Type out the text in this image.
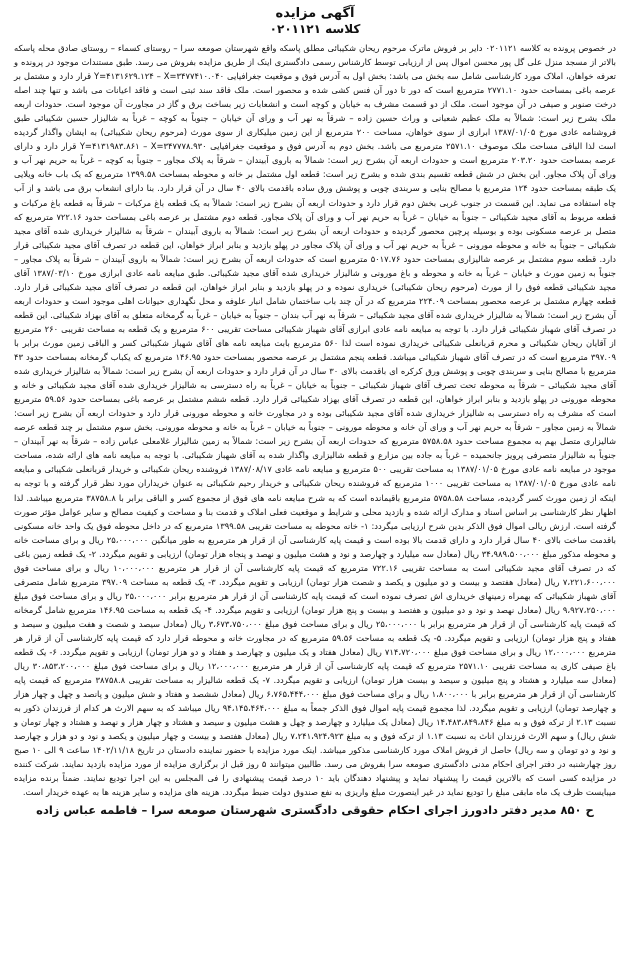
آگهی مزایده
کلاسه ۰۲۰۱۱۲۱

در خصوص پرونده به کلاسه ۰۲۰۱۱۲۱ دایر بر فروش ماترک مرحوم ریحان شکیبائی مطلق پاسکه واقع شهرستان صومعه سرا – روستای کسماء – روستای صادق محله پاسکه بالاتر از مسجد منزل علی گل پور محسن اموال پس از ارزیابی توسط کارشناس رسمی دادگستری اینک از طریق مزایده بفروش می رسد. طبق مستندات موجود در پرونده و تعرفه خواهان، املاک مورد کارشناسی شامل سه بخش می باشد: بخش اول به آدرس فوق و موقعیت جغرافیایی Y=۴۱۳۱۶۲۹.۱۲۴ – X=۳۴۷۷۴۱۰.۰۴۰ قرار دارد و مشتمل بر عرصه باغی بمساحت حدود ۲۷۷۱.۱۰ مترمربع است که دور تا دور آن فنس کشی شده و محصور است. ملک فاقد سند ثبتی است و فاقد اعیانات می باشد و تنها چند اصله درخت صنوبر و صیفی در آن موجود است. ملک از دو قسمت مشرف به خیابان و کوچه است و انشعابات زیر بساخت برق و گاز در مجاورت آن موجود است. حدودات اربعه ملک بشرح زیر است: شمالاً به ملک عظیم شعبانی و وراث حسین زاده – شرقاً به نهر آب و ورای آن خیابان – جنوباً به کوچه – غرباً به شالیزار حسین شکیبائی طبق فروشنامه عادی مورخ ۱۳۸۷/۰۱/۰۵ ابرازی از سوی خواهان، مساحت ۲۰۰ مترمربع از این زمین میلیکاری از سوی مورث (مرحوم ریحان شکیبائی) به ایشان واگذار گردیده است لذا الباقی مساحت ملک موصوف ۲۵۷۱.۱۰ مترمربع می باشد. بخش دوم به آدرس فوق و موقعیت جغرافیایی Y=۴۱۳۱۹۸۳.۸۶۱ – X=۳۴۷۷۷۸.۹۳۰ قرار دارد و دارای عرصه بمساحت حدود ۲۰۳.۲۰ مترمربع است و حدودات اربعه آن بشرح زیر است: شمالاً به باروی آبیندان – شرقاً به پلاک مجاور – جنوباً به کوچه – غرباً به حریم نهر آب و ورای آن پلاک مجاور. این بخش در شش قطعه تقسیم بندی شده و بشرح زیر است: قطعه اول مشتمل بر خانه و محوطه بمساحت ۱۳۹۹.۵۸ مترمربع که یک باب خانه ویلایی یک طبقه بمساحت حدود ۱۲۴ مترمربع با مصالح بنایی و سربندی چوبی و پوشش ورق ساده باقدمت بالای ۴۰ سال در آن قرار دارد. بنا دارای انشعاب برق می باشد و از آب چاه استفاده می نماید. این قسمت در جنوب غربی بخش دوم قرار دارد و حدودات اربعه آن بشرح زیر است: شمالاً به یک قطعه باغ مرکبات – شرقاً به قطعه باغ مرکبات و قطعه مربوط به آقای مجید شکیبائی – جنوباً به خیابان – غرباً به حریم نهر آب و ورای آن پلاک مجاور. قطعه دوم مشتمل بر عرصه باغی بمساحت حدود ۷۲۲.۱۶ مترمربع که متصل بر عرصه مسکونی بوده و بوسیله پرچین محصور گردیده و حدودات اربعه آن بشرح زیر است: شمالاً به باروی آبیندان – شرقاً به شالیزار خریداری شده آقای مجید شکیبائی – جنوباً به خانه و محوطه مورونی – غرباً به حریم نهر آب و ورای آن پلاک مجاور در پهلو بازدید و بنابر ابراز خواهان، این قطعه در تصرف آقای مجید شکیبائی قرار دارد. قطعه سوم مشتمل بر عرصه شالیزاری بمساحت حدود ۵۰۱۷.۷۶ مترمربع است که حدودات اربعه آن بشرح زیر است: شمالاً به باروی آبیندان – شرقاً به پلاک مجاور – جنوباً به زمین مورث و خیابان – غرباً به خانه و محوطه و باغ مورونی و شالیزار خریداری شده آقای مجید شکیبائی. طبق مبایعه نامه عادی ابرازی مورخ ۱۳۸۷/۰۳/۱۰ آقای مجید شکیبائی قطعه فوق را از مورث (مرحوم ریحان شکیبائی) خریداری نموده و در پهلو بازدید و بنابر ابراز خواهان، این قطعه در تصرف آقای مجید شکیبائی قرار دارد. قطعه چهارم مشتمل بر عرصه محصور بمساحت ۲۲۴.۰۹ مترمربع که در آن چند باب ساختمان شامل انبار علوفه و محل نگهداری حیوانات اهلی موجود است و حدودات اربعه آن بشرح زیر است: شمالاً به شالیزار خریداری شده آقای مجید شکیبائی – شرقاً به نهر آب بندان – جنوباً به خیابان – غرباً به گرمخانه متعلق به آقای بهزاد شکیبائی. این قطعه در تصرف آقای شهباز شکیبائی قرار دارد. با توجه به مبایعه نامه عادی ابرازی آقای شهباز شکیبائی مساحت تقریبی ۶۰۰ مترمربع و یک قطعه به مساحت تقریبی ۲۶۰ مترمربع از آقایان ریحان شکیبائی و محرم قربانعلی شکیبائی خریداری نموده است لذا ۵۶۰ مترمربع بابت مبایعه نامه های آقای شهباز شکیبائی کسر و الباقی زمین مورث برابر با ۳۹۷.۰۹ مترمربع است که در تصرف آقای شهباز شکیبائی میباشد. قطعه پنجم مشتمل بر عرصه محصور بمساحت حدود ۱۴۶.۹۵ مترمربع که یکباب گرمخانه بمساحت حدود ۴۳ مترمربع با مصالح بنایی و سربندی چوبی و پوشش ورق کرکره ای باقدمت بالای ۳۰ سال در آن قرار دارد و حدودات اربعه آن بشرح زیر است: شمالاً به شالیزار خریداری شده آقای مجید شکیبائی – شرقاً به محوطه تحت تصرف آقای شهباز شکیبائی – جنوباً به خیابان – غرباً به راه دسترسی به شالیزار خریداری شده آقای مجید شکیبائی و خانه و محوطه مورونی در پهلو بازدید و بنابر ابراز خواهان، این قطعه در تصرف آقای بهزاد شکیبائی قرار دارد. قطعه ششم مشتمل بر عرصه باغی بمساحت حدود ۵۹.۵۶ مترمربع است که مشرف به راه دسترسی به شالیزار خریداری شده آقای مجید شکیبائی بوده و در مجاورت خانه و محوطه مورونی قرار دارد و حدودات اربعه آن بشرح زیر است: شمالاً به زمین مجاور – شرقاً به حریم نهر آب و ورای آن خانه و محوطه مورونی – جنوباً به خیابان – غرباً به خانه و محوطه مورونی. بخش سوم مشتمل بر چند قطعه عرصه شالیزاری متصل بهم به مجموع مساحت حدود ۵۷۵۸.۵۸ مترمربع که حدودات اربعه آن بشرح زیر است: شمالاً به زمین شالیزار غلامعلی عباس زاده – شرقاً به نهر آبیندان – جنوباً به شالیزار متصرفی پرویز جانحمیده – غرباً به جاده بین مزارع و قطعه شالیزاری واگذار شده به آقای شهباز شکیبائی. با توجه به مبایعه نامه های ارائه شده، مساحت موجود در مبایعه نامه عادی مورخ ۱۳۸۷/۰۱/۰۵ به مساحت تقریبی ۵۰۰ مترمربع و مبایعه نامه عادی ۱۳۸۷/۰۸/۱۷ فروشنده ریحان شکیبائی و خریدار قربانعلی شکیبائی و مبایعه نامه عادی مورخ ۱۳۸۷/۰۱/۰۵ به مساحت تقریبی ۱۰۰۰ مترمربع که فروشنده ریحان شکیبائی و خریدار رحیم شکیبائی به عنوان خریداران مورد نظر قرار گرفته و با توجه به اینکه از زمین مورث کسر گردیده، مساحت ۵۷۵۸.۵۸ مترمربع باقیمانده است که به شرح مبایعه نامه های فوق از مجموع کسر و الباقی برابر با ۳۸۷۵۸.۸ مترمربع میباشد. لذا اظهار نظر کارشناسی بر اساس اسناد و مدارک ارائه شده و بازدید محلی و شرایط و موقعیت فعلی املاک و قدمت بنا و مساحت و کیفیت مصالح و سایر عوامل مؤثر صورت گرفته است. ارزش ریالی اموال فوق الذکر بدین شرح ارزیابی میگردد: ۱- خانه محوطه به مساحت تقریبی ۱۳۹۹.۵۸ مترمربع که در داخل محوطه فوق یک واحد خانه مسکونی باقدمت ساخت بالای ۴۰ سال قرار دارد و دارای قدمت بالا بوده است و قیمت پایه کارشناسی آن از قرار هر مترمربع به طور میانگین ۲۵،۰۰۰،۰۰۰ ریال و برای مساحت خانه و محوطه مذکور مبلغ ۳۴،۹۸۹،۵۰۰،۰۰۰ ریال (معادل سه میلیارد و چهارصد و نود و هشت میلیون و نهصد و پنجاه هزار تومان) ارزیابی و تقویم میگردد. ۲- یک قطعه زمین باغی که در تصرف آقای مجید شکیبائی است به مساحت تقریبی ۷۲۲.۱۶ مترمربع که قیمت پایه کارشناسی آن از قرار هر مترمربع ۱۰،۰۰۰،۰۰۰ ریال و برای مساحت فوق ۷،۲۲۱،۶۰۰،۰۰۰ ریال (معادل هفتصد و بیست و دو میلیون و یکصد و شصت هزار تومان) ارزیابی و تقویم میگردد. ۳- یک قطعه به مساحت ۳۹۷.۰۹ مترمربع شامل متصرفی آقای شهباز شکیبائی که بهمراه زمینهای خریداری اش تصرف نموده است که قیمت پایه کارشناسی آن از قرار هر مترمربع برابر ۲۵،۰۰۰،۰۰۰ ریال و برای مساحت فوق مبلغ ۹،۹۲۷،۲۵۰،۰۰۰ ریال (معادل نهصد و نود و دو میلیون و هفتصد و بیست و پنج هزار تومان) ارزیابی و تقویم میگردد. ۴- یک قطعه به مساحت ۱۴۶.۹۵ مترمربع شامل گرمخانه که قیمت پایه کارشناسی آن از قرار هر مترمربع برابر با ۲۵،۰۰۰،۰۰۰ ریال و برای مساحت فوق مبلغ ۳،۶۷۳،۷۵۰،۰۰۰ ریال (معادل سیصد و شصت و هفت میلیون و سیصد و هفتاد و پنج هزار تومان) ارزیابی و تقویم میگردد. ۵- یک قطعه به مساحت ۵۹.۵۶ مترمربع که در مجاورت خانه و محوطه قرار دارد که قیمت پایه کارشناسی آن از قرار هر مترمربع ۱۲،۰۰۰،۰۰۰ ریال و برای مساحت فوق مبلغ ۷۱۴،۷۲۰،۰۰۰ ریال (معادل هفتاد و یک میلیون و چهارصد و هفتاد و دو هزار تومان) ارزیابی و تقویم میگردد. ۶- یک قطعه باغ صیفی کاری به مساحت تقریبی ۲۵۷۱.۱۰ مترمربع که قیمت پایه کارشناسی آن از قرار هر مترمربع ۱۲،۰۰۰،۰۰۰ ریال و برای مساحت فوق مبلغ ۳۰،۸۵۳،۲۰۰،۰۰۰ ریال (معادل سه میلیارد و هشتاد و پنج میلیون و سیصد و بیست هزار تومان) ارزیابی و تقویم میگردد. ۷- یک قطعه شالیزار به مساحت تقریبی ۳۸۷۵۸.۸ مترمربع که قیمت پایه کارشناسی آن از قرار هر مترمربع برابر با ۱،۸۰۰،۰۰۰ ریال و برای مساحت فوق مبلغ ۶،۷۶۵،۴۴۴،۰۰۰ ریال (معادل ششصد و هفتاد و شش میلیون و پانصد و چهل و چهار هزار و چهارصد تومان) ارزیابی و تقویم میگردد. لذا مجموع قیمت پایه اموال فوق الذکر جمعاً به مبلغ ۹۴،۱۴۵،۴۶۴،۰۰۰ ریال میباشد که به سهم الارث هر کدام از فرزندان ذکور به نسبت ۲.۱۳ از ترکه فوق و به مبلغ ۱۴،۴۸۳،۸۴۹،۸۴۶ ریال (معادل یک میلیارد و چهارصد و چهل و هشت میلیون و سیصد و هشتاد و چهار هزار و نهصد و هشتاد و چهار تومان و شش ریال) و سهم الارث فرزندان اناث به نسبت ۱.۱۳ از ترکه فوق و به مبلغ ۷،۲۴۱،۹۲۴،۹۲۳ ریال (معادل هفتصد و بیست و چهار میلیون و یکصد و نود و دو هزار و چهارصد و نود و دو تومان و سه ریال) حاصل از فروش املاک مورد کارشناسی مذکور میباشد. اینک مورد مزایده با حضور نماینده دادستان در تاریخ ۱۴۰۲/۱۱/۱۸ ساعت ۹ الی ۱۰ صبح روز چهارشنبه در دفتر اجرای احکام مدنی دادگستری صومعه سرا بفروش می رسد. طالبین میتوانند ۵ روز قبل از برگزاری مزایده از مورد مزایده بازدید نمایند. شرکت کننده در مزایده کسی است که بالاترین قیمت را پیشنهاد نماید و پیشنهاد دهندگان باید ۱۰ درصد قیمت پیشنهادی را فی المجلس به این اجرا تودیع نمایند. ضمناً برنده مزایده میبایست ظرف یک ماه مابقی مبلغ را تودیع نماید در غیر اینصورت مبلغ واریزی به نفع صندوق دولت ضبط میگردد. هزینه های مزایده و سایر هزینه ها به عهده خریدار است.

ح ۸۵۰ مدیر دفتر دادورز اجرای احکام حقوقی دادگستری شهرستان صومعه سرا – فاطمه عباس زاده
